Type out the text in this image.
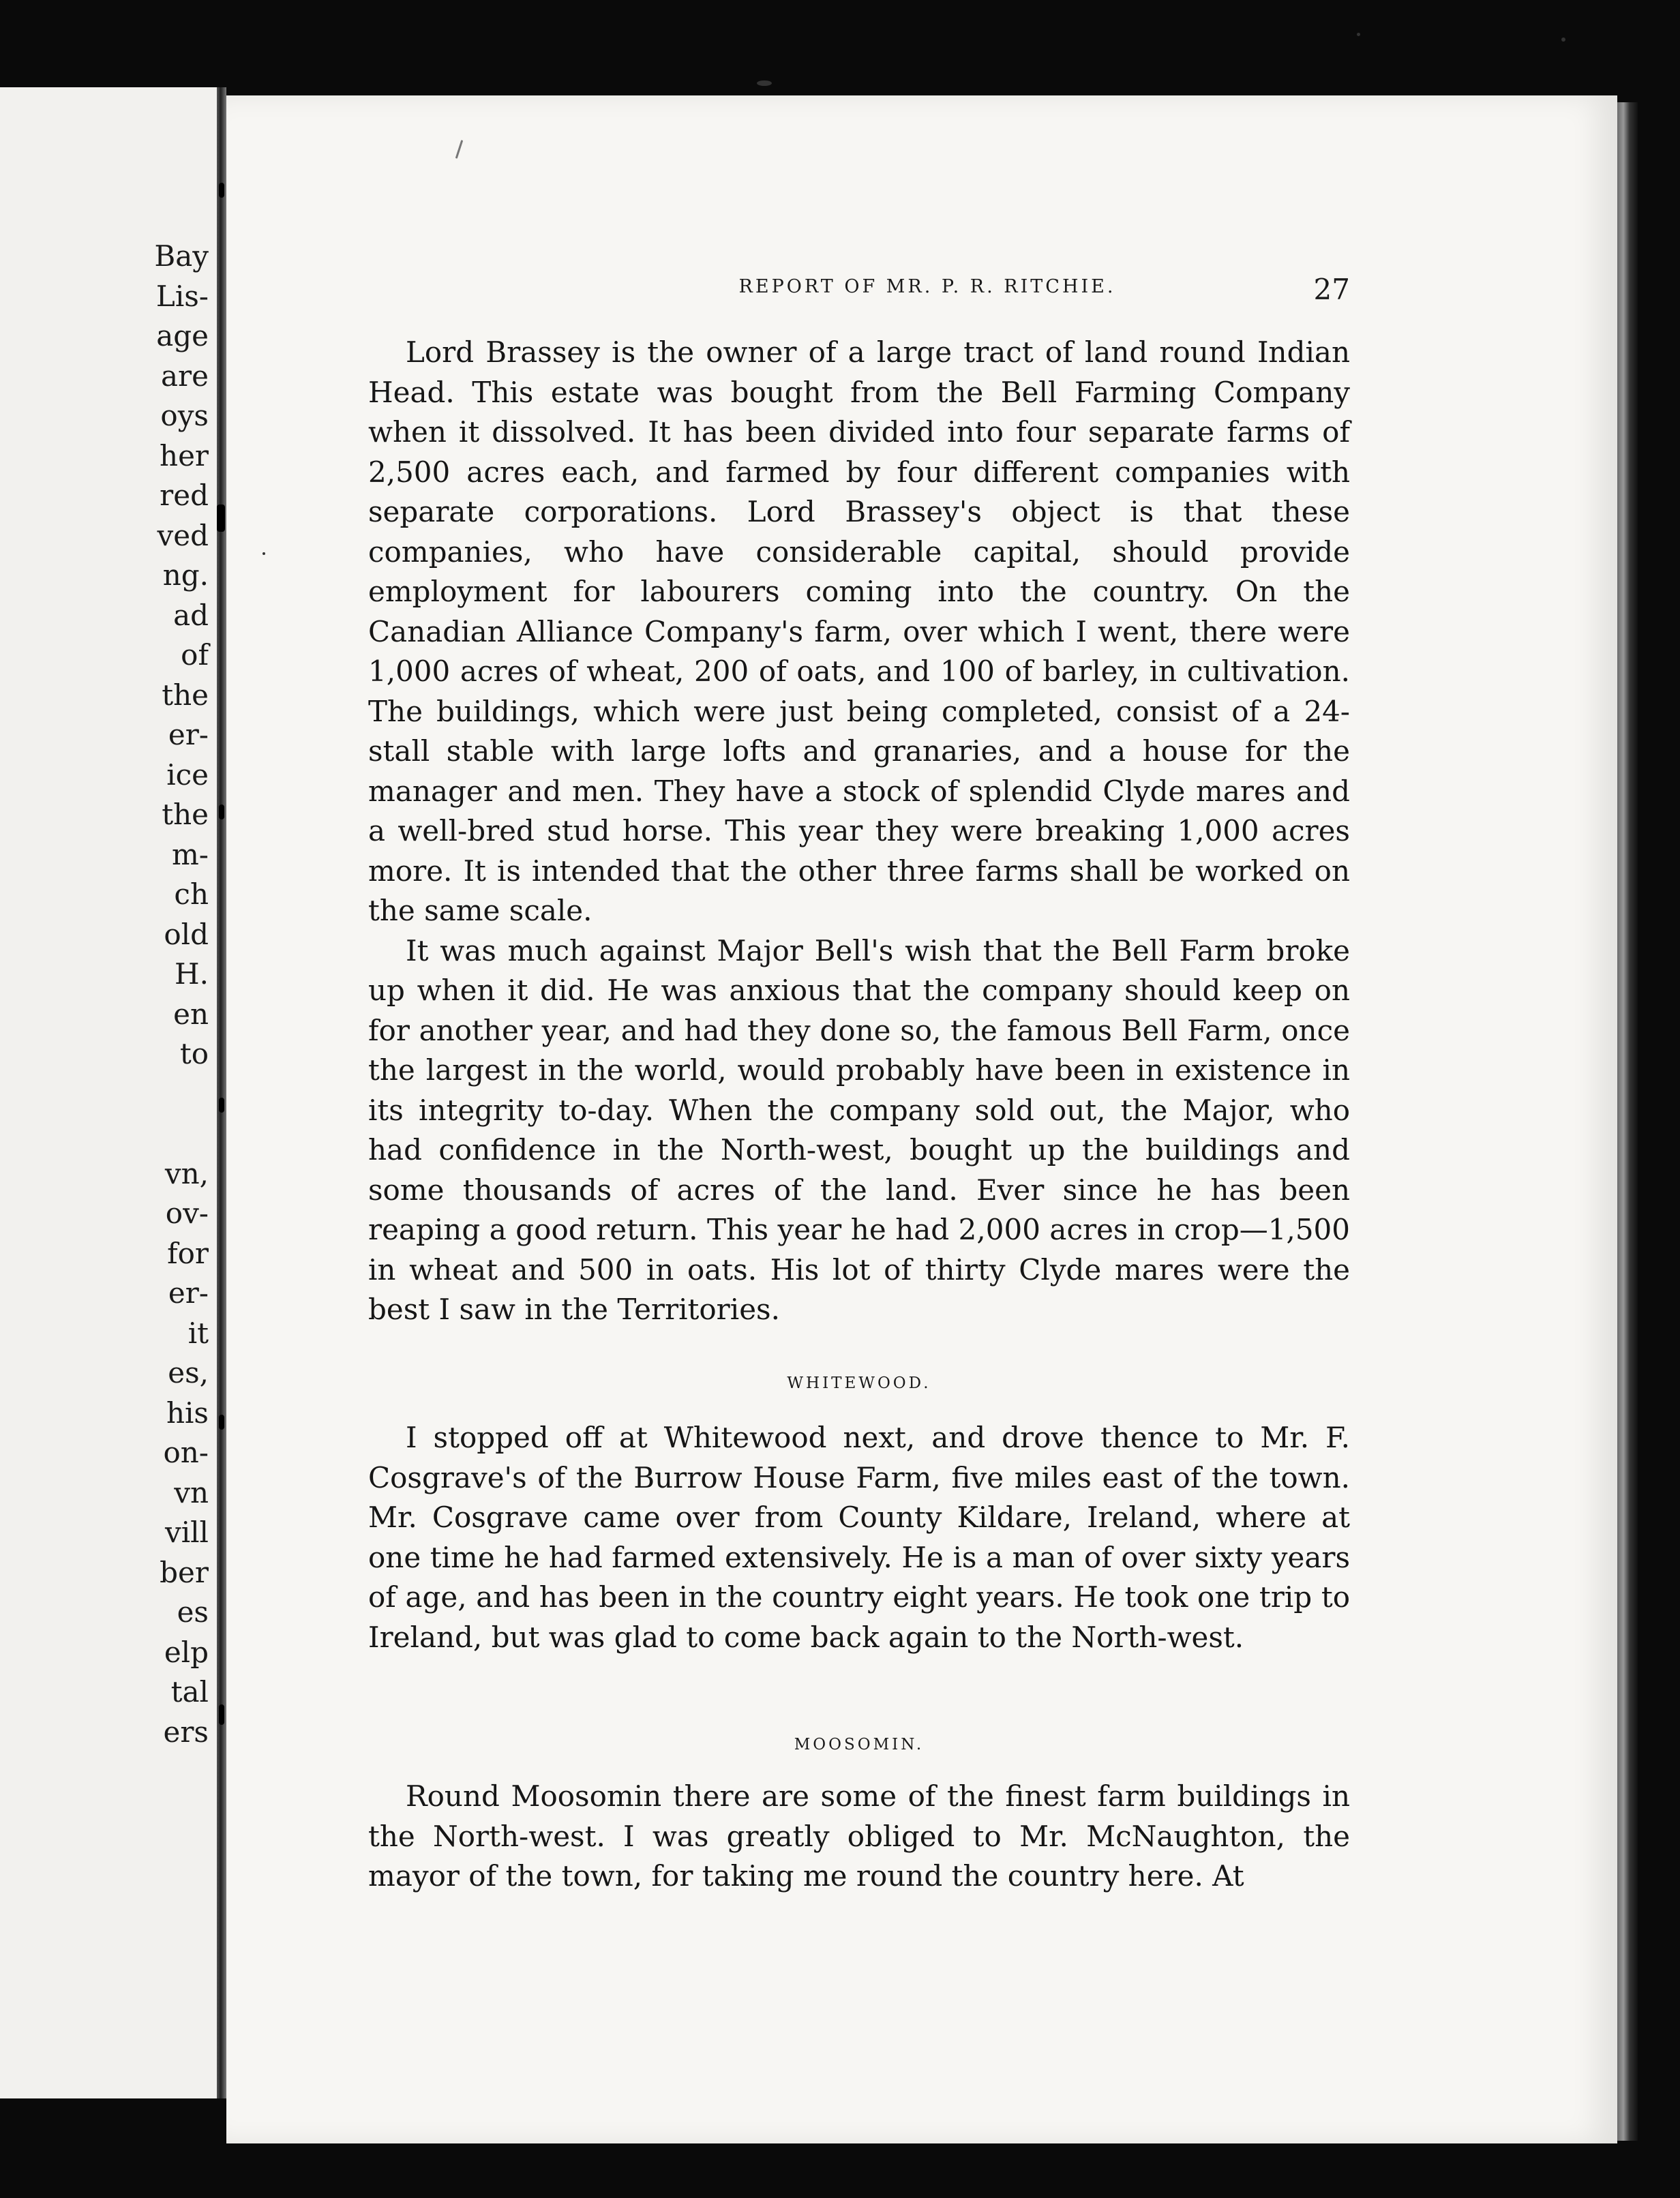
Bay
Lis-
age
are
oys
her
red
ved
ng.
ad
of
the
er-
ice
the
m-
ch
old
H.
en
to
vn,
ov-
for
er-
it
es,
his
on-
vn
vill
ber
es
elp
tal
ers
REPORT OF MR. P. R. RITCHIE.	27

Lord Brassey is the owner of a large tract of land round Indian Head. This estate was bought from the Bell Farming Company when it dissolved. It has been divided into four separate farms of 2,500 acres each, and farmed by four different companies with separate corporations. Lord Brassey's object is that these companies, who have considerable capital, should provide employment for labourers coming into the country. On the Canadian Alliance Company's farm, over which I went, there were 1,000 acres of wheat, 200 of oats, and 100 of barley, in cultivation. The buildings, which were just being completed, consist of a 24-stall stable with large lofts and granaries, and a house for the manager and men. They have a stock of splendid Clyde mares and a well-bred stud horse. This year they were breaking 1,000 acres more. It is intended that the other three farms shall be worked on the same scale.

It was much against Major Bell's wish that the Bell Farm broke up when it did. He was anxious that the company should keep on for another year, and had they done so, the famous Bell Farm, once the largest in the world, would probably have been in existence in its integrity to-day. When the company sold out, the Major, who had confidence in the North-west, bought up the buildings and some thousands of acres of the land. Ever since he has been reaping a good return. This year he had 2,000 acres in crop—1,500 in wheat and 500 in oats. His lot of thirty Clyde mares were the best I saw in the Territories.

WHITEWOOD.

I stopped off at Whitewood next, and drove thence to Mr. F. Cosgrave's of the Burrow House Farm, five miles east of the town. Mr. Cosgrave came over from County Kildare, Ireland, where at one time he had farmed extensively. He is a man of over sixty years of age, and has been in the country eight years. He took one trip to Ireland, but was glad to come back again to the North-west.

MOOSOMIN.

Round Moosomin there are some of the finest farm buildings in the North-west. I was greatly obliged to Mr. McNaughton, the mayor of the town, for taking me round the country here. At
